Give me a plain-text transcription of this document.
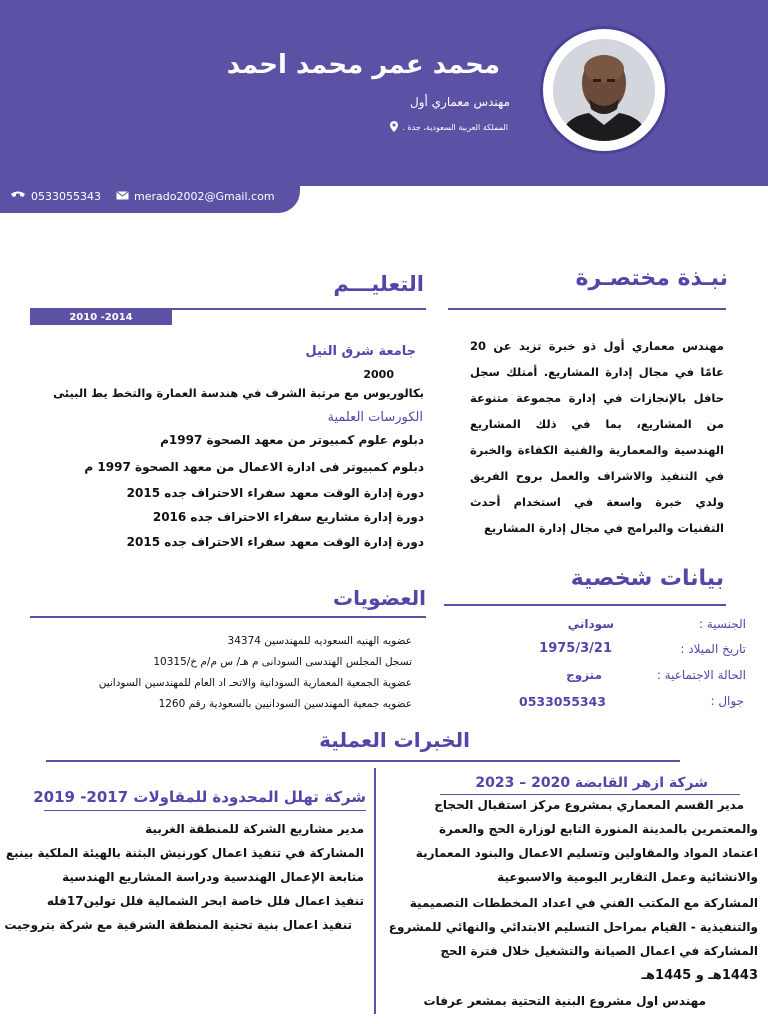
محمد عمر محمد احمد
مهندس معماري أول
المملكة العربية السعودية، جدة .
0533055343	merado2002@Gmail.com
نبـذة مختصـرة
مهندس معماري أول ذو خبرة تزيد عن 20 عامًا في مجال إدارة المشاريع. أمتلك سجل حافل بالإنجازات في إدارة مجموعة متنوعة من المشاريع، بما في ذلك المشاريع الهندسية والمعمارية والفنية الكفاءة والخبرة في التنفيذ والاشراف والعمل بروح الفريق ولدي خبرة واسعة في استخدام أحدث التقنيات والبرامج في مجال إدارة المشاريع
التعليـــم
2010 -2014
جامعة شرق النيل
2000
بكالوريوس مع مرتبة الشرف في هندسة العمارة والتخط يط البيئى
الكورسات العلمية
دبلوم علوم كمبيوتر من معهد الصحوة 1997م
دبلوم كمبيوتر فى ادارة الاعمال من معهد الصحوة 1997 م
دورة إدارة الوقت معهد سفراء الاحتراف جده 2015
دورة إدارة مشاريع سفراء الاحتراف جده 2016
دورة إدارة الوقت معهد سفراء الاحتراف جده 2015
بيانات شخصية
الجنسية :
سوداني
تاريخ الميلاد :
1975/3/21
الحالة الاجتماعية :
متزوج
جوال :
0533055343
العضويات
عضويه الهنيه السعوديه للمهندسين 34374
تسجل المجلس الهندسى السودانى م هـ/ س م/م خ/10315
عضوية الجمعية المعمارية السودانية والاتحـ اد العام للمهندسين السودانين
عضويه جمعية المهندسين السودانيين بالسعودية رقم 1260
الخبرات العملية
شركة ازهر القابضة 2020 – 2023
مدير القسم المعماري بمشروع مركز استقبال الحجاج
والمعتمرين بالمدينة المنورة التابع لوزارة الحج والعمرة
اعتماد المواد والمقاولين وتسليم الاعمال والبنود المعمارية
والانشائية وعمل التقارير اليومية والاسبوعية
المشاركة مع المكتب الفني في اعداد المخططات التصميمية
والتنفيذية - القيام بمراحل التسليم الابتدائي والنهائي للمشروع
المشاركة في اعمال الصيانة والتشغيل خلال فترة الحج
1443هـ و 1445هـ
مهندس اول مشروع البنية التحتية بمشعر عرفات
شركة تهلل المحدودة للمقاولات 2017- 2019
مدير مشاريع الشركة للمنطقة الغربية
المشاركة في تنفيذ اعمال كورنيش البثنة بالهيئة الملكية بينبع
متابعة الإعمال الهندسية ودراسة المشاريع الهندسية
تنفيذ اعمال فلل خاصة ابحر الشمالية فلل تولين17فله
تنفيذ اعمال بنية تحتية المنطقة الشرقية مع شركة بتروجيت
